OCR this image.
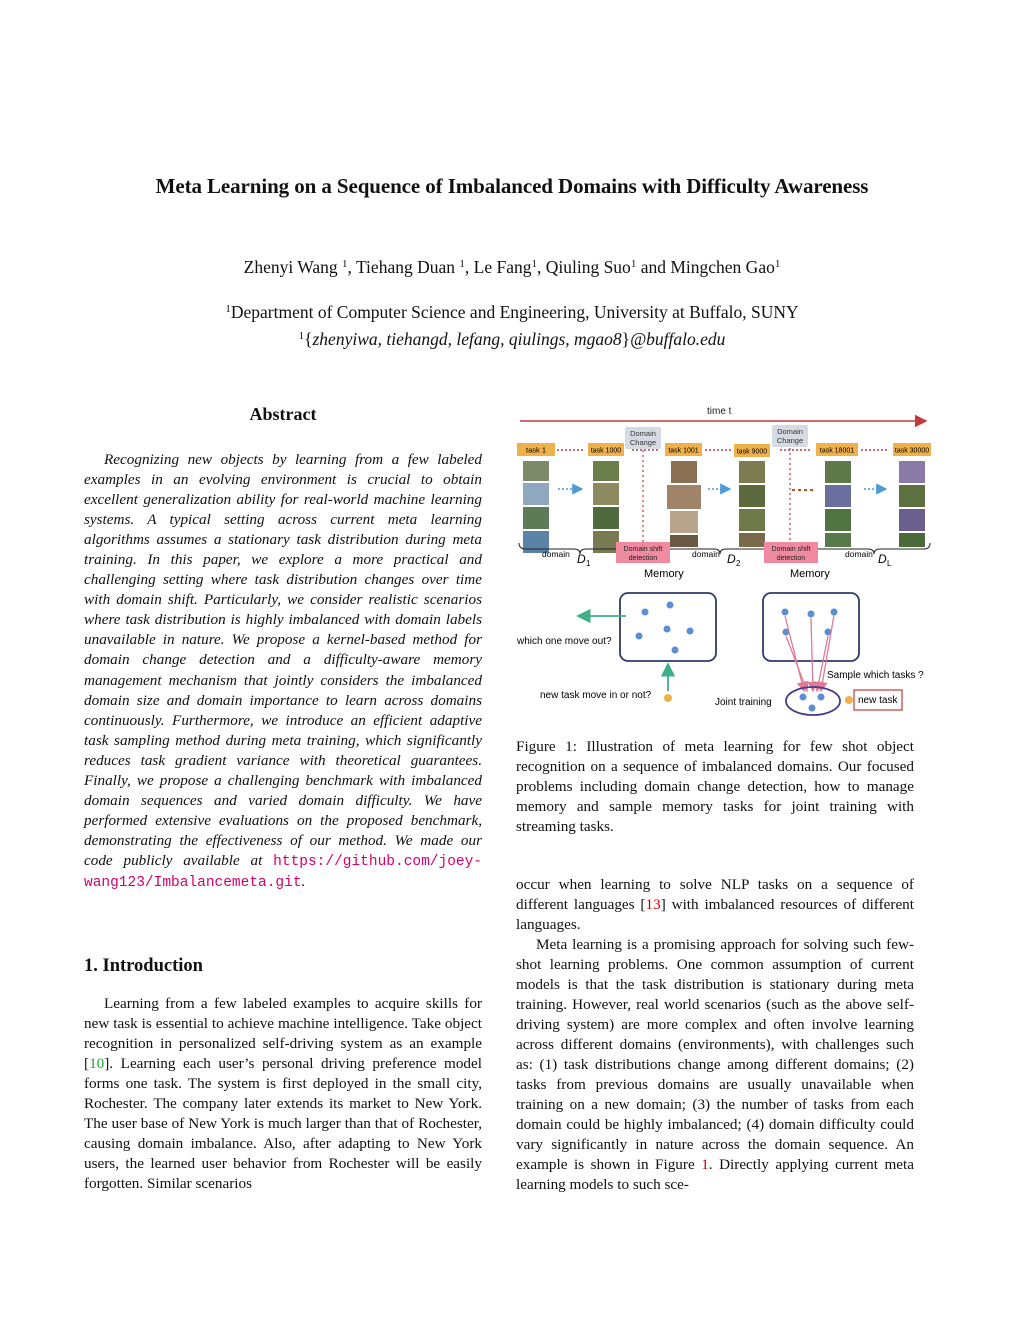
Meta Learning on a Sequence of Imbalanced Domains with Difficulty Awareness
Zhenyi Wang $^1$, Tiehang Duan $^1$, Le Fang$^1$, Qiuling Suo$^1$ and Mingchen Gao$^1$
$^1$Department of Computer Science and Engineering, University at Buffalo, SUNY
$^1${zhenyiwa, tiehangd, lefang, qiulings, mgao8}@buffalo.edu
Abstract
Recognizing new objects by learning from a few labeled examples in an evolving environment is crucial to obtain excellent generalization ability for real-world machine learning systems. A typical setting across current meta learning algorithms assumes a stationary task distribution during meta training. In this paper, we explore a more practical and challenging setting where task distribution changes over time with domain shift. Particularly, we consider realistic scenarios where task distribution is highly imbalanced with domain labels unavailable in nature. We propose a kernel-based method for domain change detection and a difficulty-aware memory management mechanism that jointly considers the imbalanced domain size and domain importance to learn across domains continuously. Furthermore, we introduce an efficient adaptive task sampling method during meta training, which significantly reduces task gradient variance with theoretical guarantees. Finally, we propose a challenging benchmark with imbalanced domain sequences and varied domain difficulty. We have performed extensive evaluations on the proposed benchmark, demonstrating the effectiveness of our method. We made our code publicly available at https://github.com/joey-wang123/Imbalancemeta.git.
1. Introduction
Learning from a few labeled examples to acquire skills for new task is essential to achieve machine intelligence. Take object recognition in personalized self-driving system as an example [10]. Learning each user’s personal driving preference model forms one task. The system is first deployed in the small city, Rochester. The company later extends its market to New York. The user base of New York is much larger than that of Rochester, causing domain imbalance. Also, after adapting to New York users, the learned user behavior from Rochester will be easily forgotten. Similar scenarios
time t
Domain
Change
Domain
Change
task 1	task 1000	task 1001	task 9000	task 18001	task 30000
domain D 1
domain D 2
domain D L
Domain shift
detection
Domain shift
detection
Memory	Memory
which one move out?
new task move in or not?
Sample which tasks ?
Joint training	new task
Figure 1: Illustration of meta learning for few shot object recognition on a sequence of imbalanced domains. Our focused problems including domain change detection, how to manage memory and sample memory tasks for joint training with streaming tasks.

occur when learning to solve NLP tasks on a sequence of different languages [13] with imbalanced resources of different languages.

Meta learning is a promising approach for solving such few-shot learning problems. One common assumption of current models is that the task distribution is stationary during meta training. However, real world scenarios (such as the above self-driving system) are more complex and often involve learning across different domains (environments), with challenges such as: (1) task distributions change among different domains; (2) tasks from previous domains are usually unavailable when training on a new domain; (3) the number of tasks from each domain could be highly imbalanced; (4) domain difficulty could vary significantly in nature across the domain sequence. An example is shown in Figure 1. Directly applying current meta learning models to such sce-
